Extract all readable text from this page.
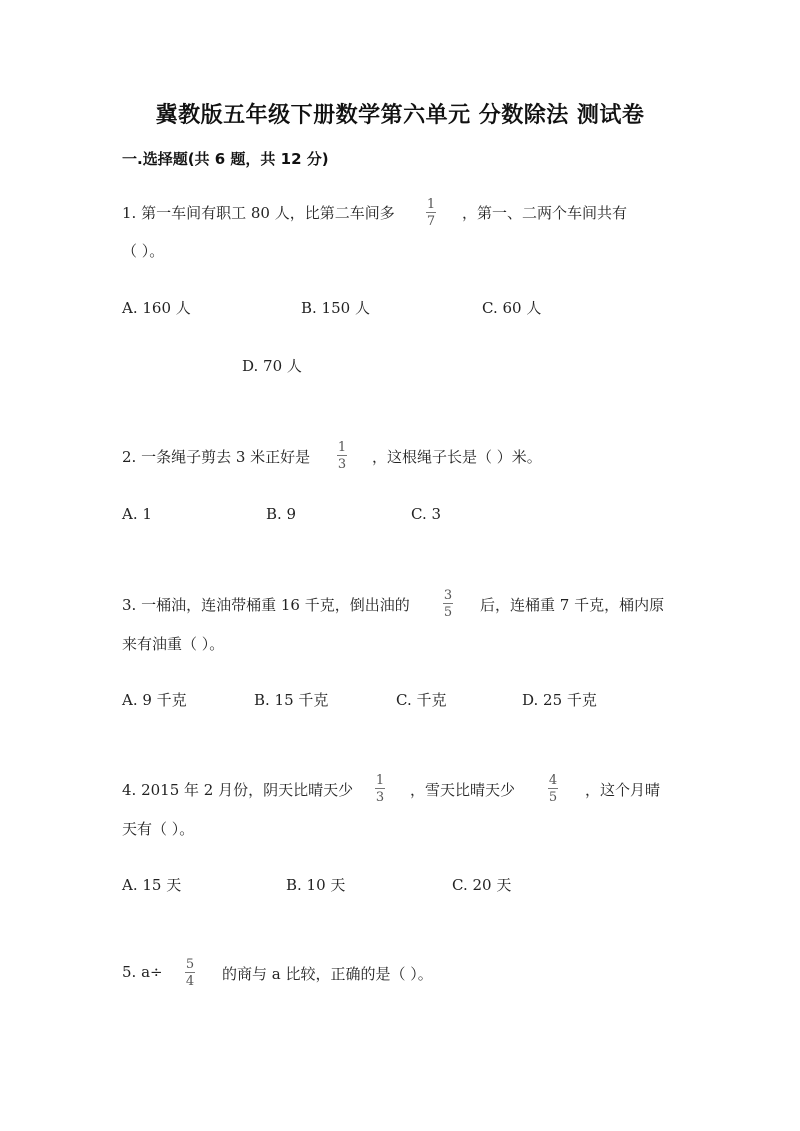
冀教版五年级下册数学第六单元 分数除法 测试卷
一.选择题(共 6 题，共 12 分)
1. 第一车间有职工 80 人，比第二车间多 $\frac{1}{7}$ ，第一、二两个车间共有
（ ）。
A. 160 人	B. 150 人	C. 60 人
D. 70 人
2. 一条绳子剪去 3 米正好是 $\frac{1}{3}$ ，这根绳子长是（ ）米。
A. 1	B. 9	C. 3
3. 一桶油，连油带桶重 16 千克，倒出油的	$\frac{3}{5}$ 后，连桶重 7 千克，桶内原
来有油重（ ）。
A. 9 千克	B. 15 千克	C. 千克	D. 25 千克
4. 2015 年 2 月份，阴天比晴天少 $\frac{1}{3}$ ，雪天比晴天少	$\frac{4}{5}$ ，这个月晴
天有（ ）。
A. 15 天	B. 10 天	C. 20 天
5. $a\div \frac{5}{4}$ 的商与 a 比较，正确的是（ ）。
